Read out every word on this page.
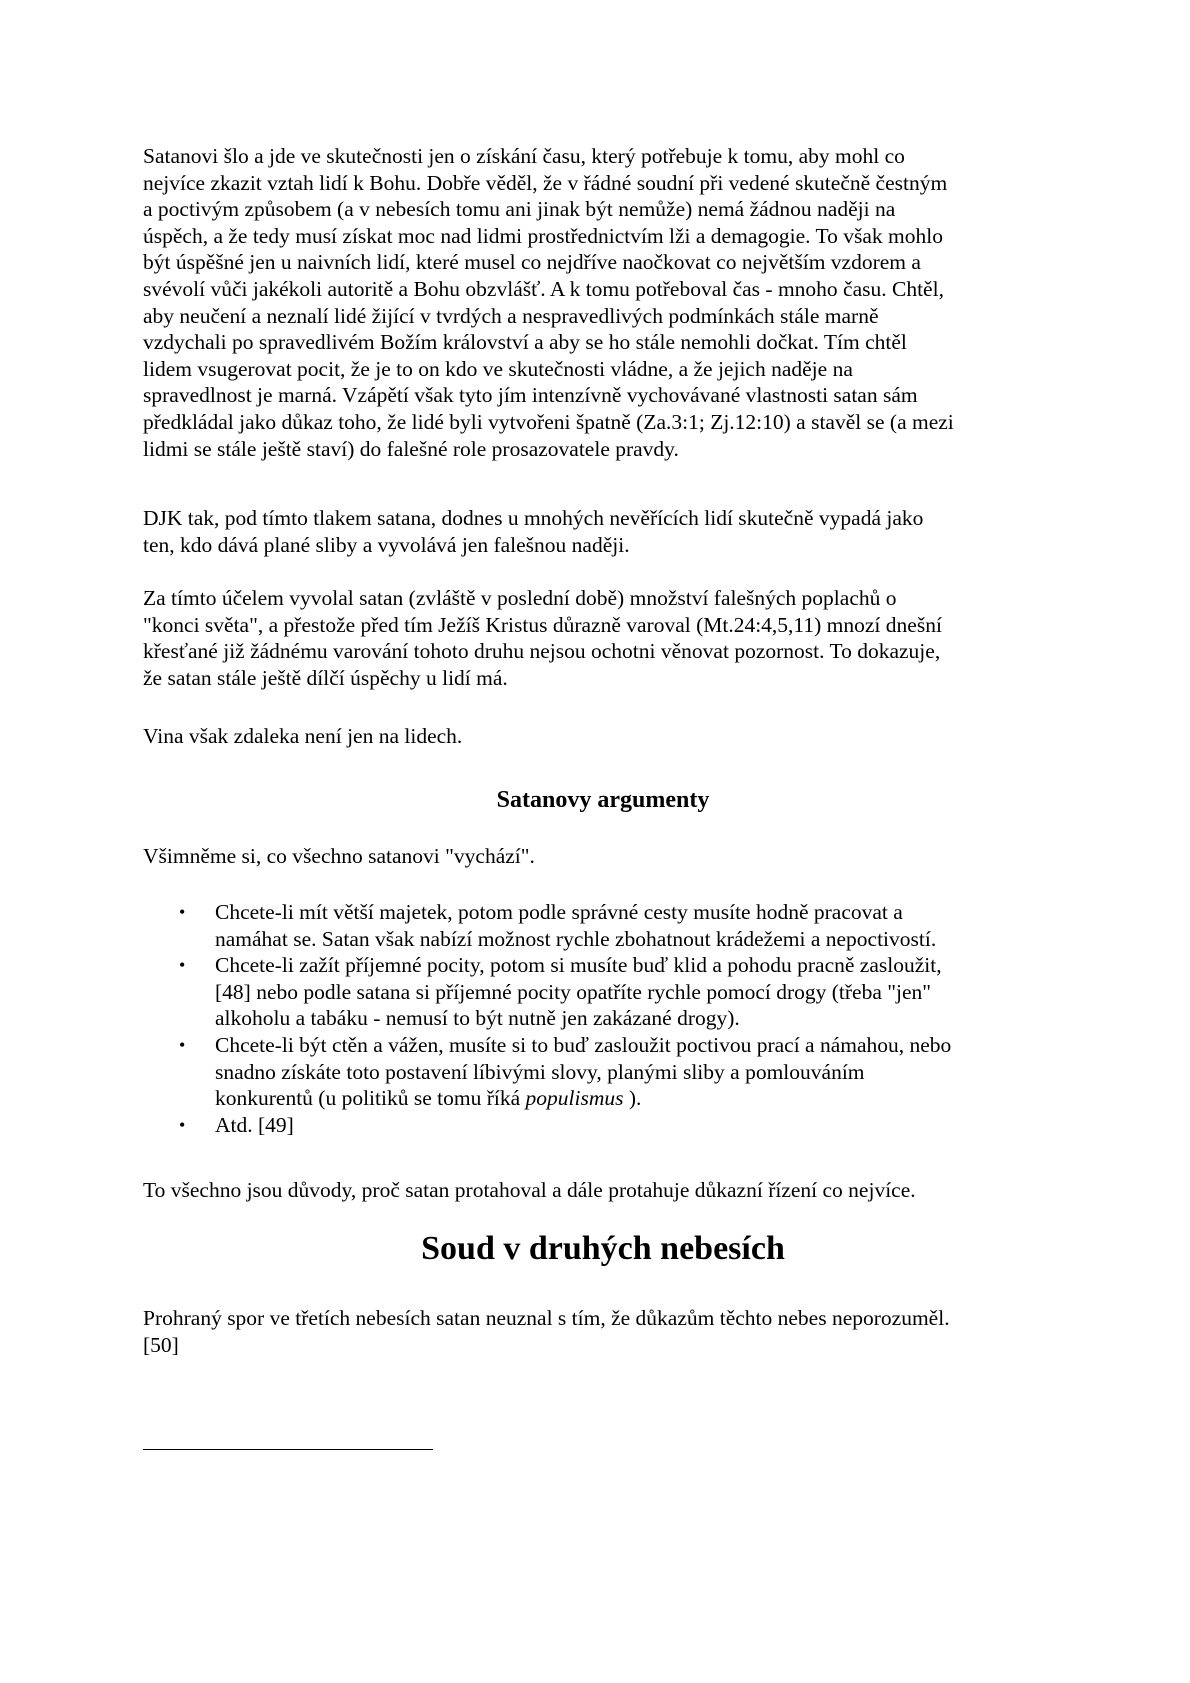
Satanovi šlo a jde ve skutečnosti jen o získání času, který potřebuje k tomu, aby mohl co
nejvíce zkazit vztah lidí k Bohu. Dobře věděl, že v řádné soudní při vedené skutečně čestným
a poctivým způsobem (a v nebesích tomu ani jinak být nemůže) nemá žádnou naději na
úspěch, a že tedy musí získat moc nad lidmi prostřednictvím lži a demagogie. To však mohlo
být úspěšné jen u naivních lidí, které musel co nejdříve naočkovat co největším vzdorem a
svévolí vůči jakékoli autoritě a Bohu obzvlášť. A k tomu potřeboval čas - mnoho času. Chtěl,
aby neučení a neznalí lidé žijící v tvrdých a nespravedlivých podmínkách stále marně
vzdychali po spravedlivém Božím království a aby se ho stále nemohli dočkat. Tím chtěl
lidem vsugerovat pocit, že je to on kdo ve skutečnosti vládne, a že jejich naděje na
spravedlnost je marná. Vzápětí však tyto jím intenzívně vychovávané vlastnosti satan sám
předkládal jako důkaz toho, že lidé byli vytvořeni špatně (Za.3:1; Zj.12:10) a stavěl se (a mezi
lidmi se stále ještě staví) do falešné role prosazovatele pravdy.

DJK tak, pod tímto tlakem satana, dodnes u mnohých nevěřících lidí skutečně vypadá jako
ten, kdo dává plané sliby a vyvolává jen falešnou naději.

Za tímto účelem vyvolal satan (zvláště v poslední době) množství falešných poplachů o
"konci světa", a přestože před tím Ježíš Kristus důrazně varoval (Mt.24:4,5,11) mnozí dnešní
křesťané již žádnému varování tohoto druhu nejsou ochotni věnovat pozornost. To dokazuje,
že satan stále ještě dílčí úspěchy u lidí má.

Vina však zdaleka není jen na lidech.

Satanovy argumenty

Všimněme si, co všechno satanovi "vychází".

• Chcete-li mít větší majetek, potom podle správné cesty musíte hodně pracovat a
namáhat se. Satan však nabízí možnost rychle zbohatnout krádežemi a nepoctivostí.
• Chcete-li zažít příjemné pocity, potom si musíte buď klid a pohodu pracně zasloužit,
[48] nebo podle satana si příjemné pocity opatříte rychle pomocí drogy (třeba "jen"
alkoholu a tabáku - nemusí to být nutně jen zakázané drogy).
• Chcete-li být ctěn a vážen, musíte si to buď zasloužit poctivou prací a námahou, nebo
snadno získáte toto postavení líbivými slovy, planými sliby a pomlouváním
konkurentů (u politiků se tomu říká populismus ).
• Atd. [49]

To všechno jsou důvody, proč satan protahoval a dále protahuje důkazní řízení co nejvíce.

Soud v druhých nebesích

Prohraný spor ve třetích nebesích satan neuznal s tím, že důkazům těchto nebes neporozuměl.
[50]
